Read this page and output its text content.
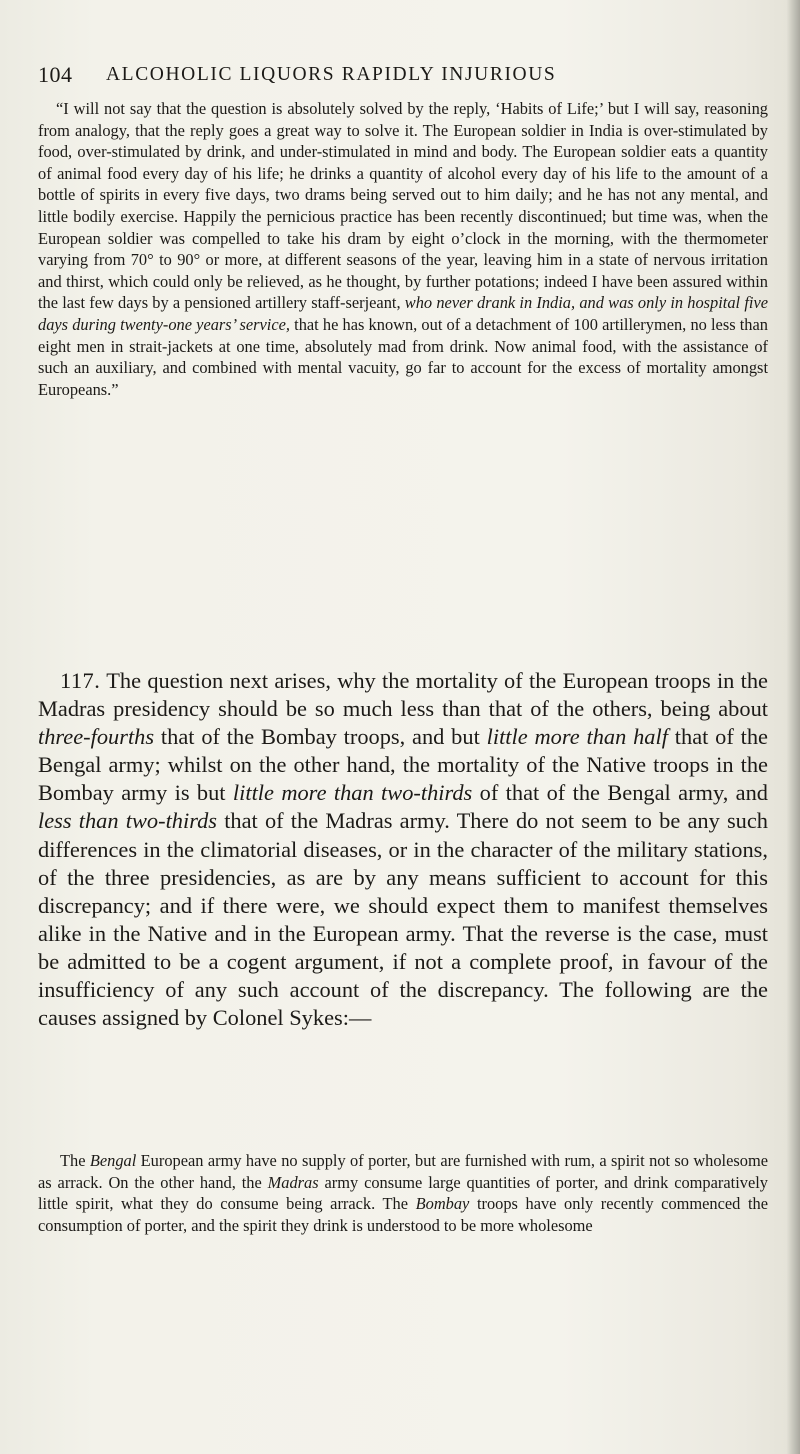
104 ALCOHOLIC LIQUORS RAPIDLY INJURIOUS

“I will not say that the question is absolutely solved by the reply, ‘Habits of Life;’ but I will say, reasoning from analogy, that the reply goes a great way to solve it. The European soldier in India is over-stimulated by food, over-stimulated by drink, and under-stimulated in mind and body. The European soldier eats a quantity of animal food every day of his life; he drinks a quantity of alcohol every day of his life to the amount of a bottle of spirits in every five days, two drams being served out to him daily; and he has not any mental, and little bodily exercise. Happily the pernicious practice has been recently discontinued; but time was, when the European soldier was compelled to take his dram by eight o’clock in the morning, with the thermometer varying from 70° to 90° or more, at different seasons of the year, leaving him in a state of nervous irritation and thirst, which could only be relieved, as he thought, by further potations; indeed I have been assured within the last few days by a pensioned artillery staff-serjeant, who never drank in India, and was only in hospital five days during twenty-one years’ service, that he has known, out of a detachment of 100 artillerymen, no less than eight men in strait-jackets at one time, absolutely mad from drink. Now animal food, with the assistance of such an auxiliary, and combined with mental vacuity, go far to account for the excess of mortality amongst Europeans.”

117. The question next arises, why the mortality of the European troops in the Madras presidency should be so much less than that of the others, being about three-fourths that of the Bombay troops, and but little more than half that of the Bengal army; whilst on the other hand, the mortality of the Native troops in the Bombay army is but little more than two-thirds of that of the Bengal army, and less than two-thirds that of the Madras army. There do not seem to be any such differences in the climatorial diseases, or in the character of the military stations, of the three presidencies, as are by any means sufficient to account for this discrepancy; and if there were, we should expect them to manifest themselves alike in the Native and in the European army. That the reverse is the case, must be admitted to be a cogent argument, if not a complete proof, in favour of the insufficiency of any such account of the discrepancy. The following are the causes assigned by Colonel Sykes:—

The Bengal European army have no supply of porter, but are furnished with rum, a spirit not so wholesome as arrack. On the other hand, the Madras army consume large quantities of porter, and drink comparatively little spirit, what they do consume being arrack. The Bombay troops have only recently commenced the consumption of porter, and the spirit they drink is understood to be more wholesome
